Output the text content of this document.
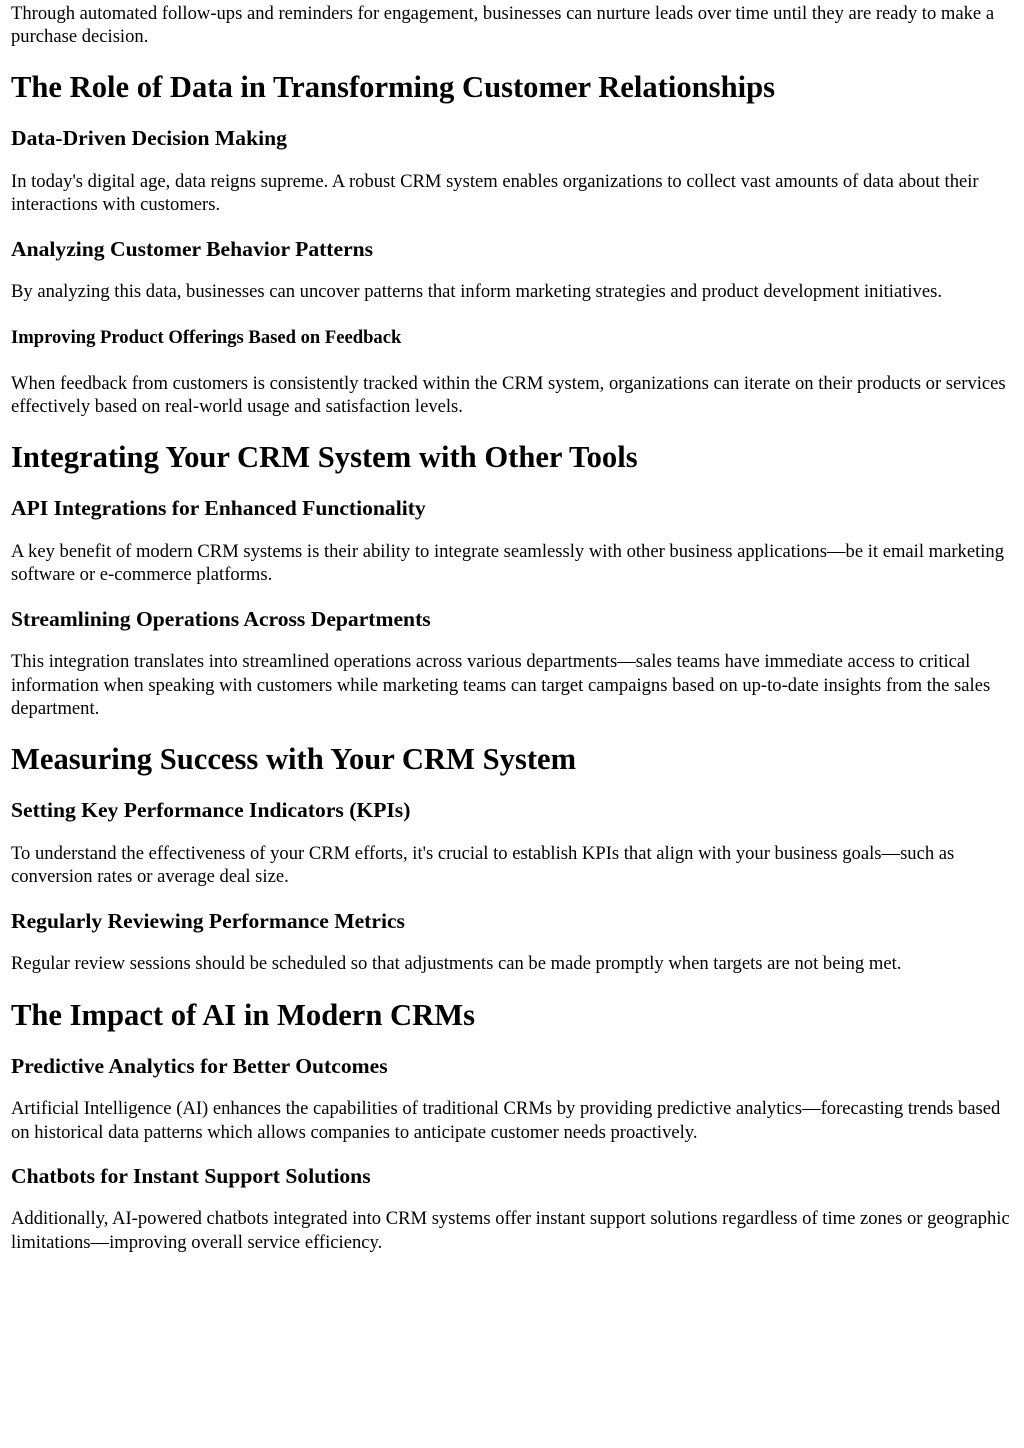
Through automated follow-ups and reminders for engagement, businesses can nurture leads over time until they are ready to make a purchase decision.

The Role of Data in Transforming Customer Relationships
Data-Driven Decision Making

In today's digital age, data reigns supreme. A robust CRM system enables organizations to collect vast amounts of data about their interactions with customers.

Analyzing Customer Behavior Patterns

By analyzing this data, businesses can uncover patterns that inform marketing strategies and product development initiatives.

Improving Product Offerings Based on Feedback

When feedback from customers is consistently tracked within the CRM system, organizations can iterate on their products or services effectively based on real-world usage and satisfaction levels.

Integrating Your CRM System with Other Tools
API Integrations for Enhanced Functionality

A key benefit of modern CRM systems is their ability to integrate seamlessly with other business applications—be it email marketing software or e-commerce platforms.

Streamlining Operations Across Departments

This integration translates into streamlined operations across various departments—sales teams have immediate access to critical information when speaking with customers while marketing teams can target campaigns based on up-to-date insights from the sales department.

Measuring Success with Your CRM System
Setting Key Performance Indicators (KPIs)

To understand the effectiveness of your CRM efforts, it's crucial to establish KPIs that align with your business goals—such as conversion rates or average deal size.

Regularly Reviewing Performance Metrics

Regular review sessions should be scheduled so that adjustments can be made promptly when targets are not being met.

The Impact of AI in Modern CRMs
Predictive Analytics for Better Outcomes

Artificial Intelligence (AI) enhances the capabilities of traditional CRMs by providing predictive analytics—forecasting trends based on historical data patterns which allows companies to anticipate customer needs proactively.

Chatbots for Instant Support Solutions

Additionally, AI-powered chatbots integrated into CRM systems offer instant support solutions regardless of time zones or geographic limitations—improving overall service efficiency.
